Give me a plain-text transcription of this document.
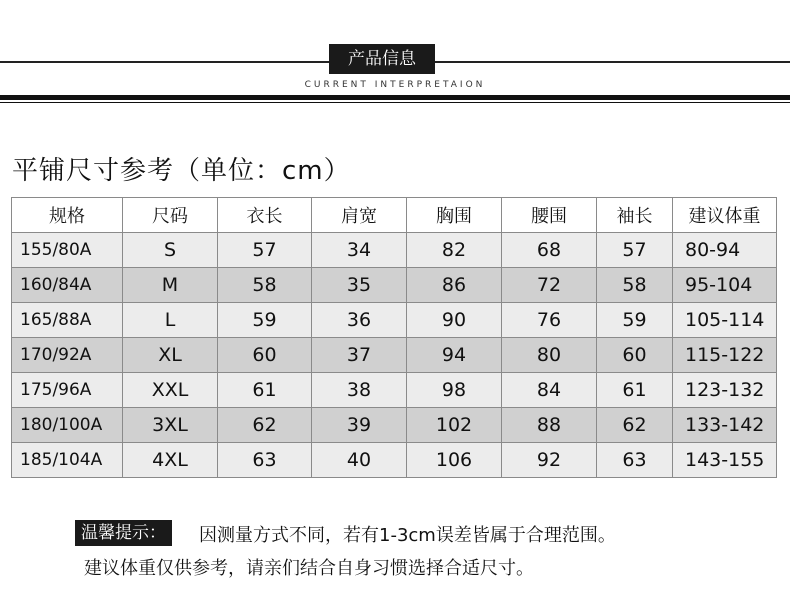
产品信息
CURRENT INTERPRETAION
平铺尺寸参考（单位：cm）
规格	尺码	衣长	肩宽	胸围	腰围	袖长	建议体重
155/80A	S	57	34	82	68	57	80-94
160/84A	M	58	35	86	72	58	95-104
165/88A	L	59	36	90	76	59	105-114
170/92A	XL	60	37	94	80	60	115-122
175/96A	XXL	61	38	98	84	61	123-132
180/100A	3XL	62	39	102	88	62	133-142
185/104A	4XL	63	40	106	92	63	143-155
温馨提示：	因测量方式不同，若有1-3cm误差皆属于合理范围。
建议体重仅供参考，请亲们结合自身习惯选择合适尺寸。
